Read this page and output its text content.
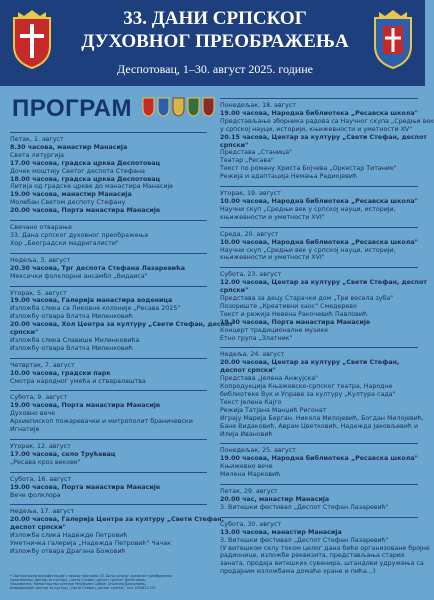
33. ДАНИ СРПСКОГ
ДУХОВНОГ ПРЕОБРАЖЕЊА
Деспотовац, 1–30. август 2025. године
ПРОГРАМ
Петак, 1. август
8.30 часова, манастир Манасија
Света литургија
17.00 часова, градска црква Деспотовац
Дочек моштију Светог деспота Стефана
18.00 часова, градска црква Деспотовац
Литија од градске цркве до манастира Манасије
19.00 часова, манастир Манасија
Молебан Светом деспоту Стефану
20.00 часова, Порта манастира Манасије
Свечано отварање
33. Дана српског духовног преображења
Хор „Београдски мадригалисти"
Недеља, 3. август
20.30 часова, Трг деспота Стефана Лазаревића
Мексички фолклорни ансамбл „Видаиса"
Уторак, 5. август
19.00 часова, Галерија манастира воденица
Изложба слика са Ликовне колоније „Ресава 2025"
Изложбу отвара Влатка Миленковић
20.00 часова, Хол Центра за културу „Свети Стефан, деспот
српски"
Изложба слика Славише Миленковића
Изложбу отвара Влатка Миленковић
Четвртак, 7. август
10.00 часова, градски парк
Смотра народног умећа и стваралаштва
Субота, 9. август
19.00 часова, Порта манастира Манасије
Духовно вече
Архиепископ пожаревачки и митрополит браничевски
Игнатије
Уторак, 12. август
17.00 часова, село Трућевац
„Ресава кроз векове"
Субота, 16. август
19.00 часова, Порта манастира Манасије
Вече фолклора
Недеља, 17. август
20.00 часова, Галерија Центра за културу „Свети Стефан,
деспот српски"
Изложба слика Надежде Петровић
Уметничка галерија „Надежда Петровић" Чачак
Изложбу отвара Драгана Божовић
Понедељак, 18. август
19.00 часова, Народна библиотека „Ресавска школа"
Представљање зборника радова са Научног скупа „Средњи век
у српској науци, историји, књижевности и уметности XV"
20.15 часова, Центар за културу „Свети Стефан, деспот
српски"
Представа „Станица"
Театар „Ресава"
Текст по роману Христа Бојчева „Оркестар Титаник"
Режија и адаптација Немања Радиојевић
Уторак, 19. август
10.00 часова, Народна библиотека „Ресавска школа"
Научни скуп „Средњи век у српској науци, историји,
књижевности и уметности XVI"
Среда, 20. август
10.00 часова, Народна библиотека „Ресавска школа"
Научни скуп „Средњи век у српској науци, историји,
књижевности и уметности XVI"
Субота, 23. август
12.00 часова, Центар за културу „Свети Стефан, деспот
српски"
Представа за децу Старачки дом „Три весела зуба"
Позориште „Креативни хаос" Смедерево
Текст и режија Невена Ракочевић Павловић
19.30 часова, Порта манастира Манасије
Концерт традиционалне музике
Етно група „Златник"
Недеља, 24. август
20.00 часова, Центар за културу „Свети Стефан,
деспот српски"
Представа „Јелена Анжујска"
Копродукција Књажевско-српског театра, Народне
библиотеке Вук и Управе за културу „Култура сада"
Текст Јелена Кајго
Режија Татјана Манџић Ригонат
Играју Марија Берган, Никола Милојевић, Богдан Милојевић,
Бане Видаковић, Аврам Цветковић, Надежда Јаковљевић и
Илија Ивановић
Понедељак, 25. август
19.00 часова, Народна библиотека „Ресавска школа"
Књижевно вече
Милена Марковић
Петак, 29. август
20.00 час, манастир Манасија
3. Витешки фестивал „Деспот Стефан Лазаревић"
Субота, 30. август
13.00 часова, манастир Манасија
3. Витешки фестивал „Деспот Стефан Лазаревић"
(У витешком селу током целог дана биће организоване бројне
радионице, изложбе реквизита, представљања старих
заната, продаја витешких сувенира, штандови удружења са
продајним изложбама домаће хране и пића...)
* Сви програми манифестације у оквиру програма 33. Дана српског духовног преображења
Организатор: Центар за културу „Свети Стефан, деспот српски" Деспотовац
Покровитељ: Министарство културе Републике Србије, Општина Деспотовац
Информације: Центар за културу „Свети Стефан, деспот српски", тел. 035/611-537
